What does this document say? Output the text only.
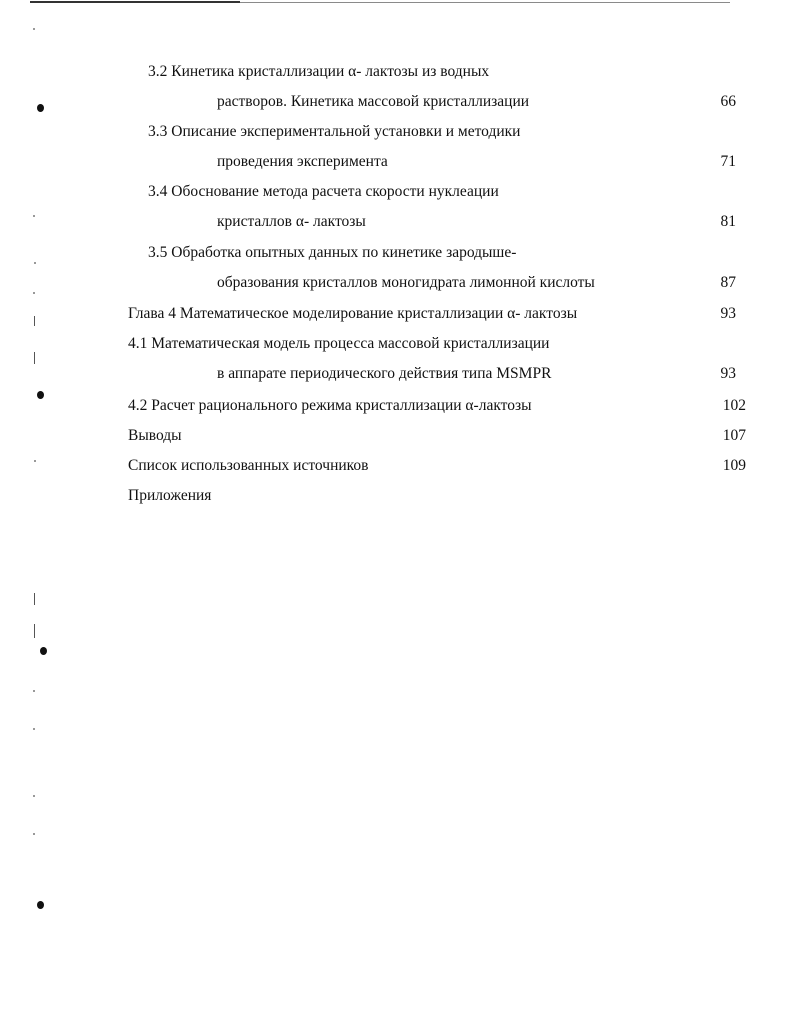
3.2 Кинетика кристаллизации α- лактозы из водных
растворов. Кинетика массовой кристаллизации	66
3.3 Описание экспериментальной установки и методики
проведения эксперимента	71
3.4 Обоснование метода расчета скорости нуклеации
кристаллов α- лактозы	81
3.5 Обработка опытных данных по кинетике зародыше-
образования кристаллов моногидрата лимонной кислоты	87
Глава 4 Математическое моделирование кристаллизации α- лактозы	93
4.1 Математическая модель процесса массовой кристаллизации
в аппарате периодического действия типа MSMPR	93
4.2 Расчет рационального режима кристаллизации α-лактозы	102
Выводы	107
Список использованных источников	109
Приложения
